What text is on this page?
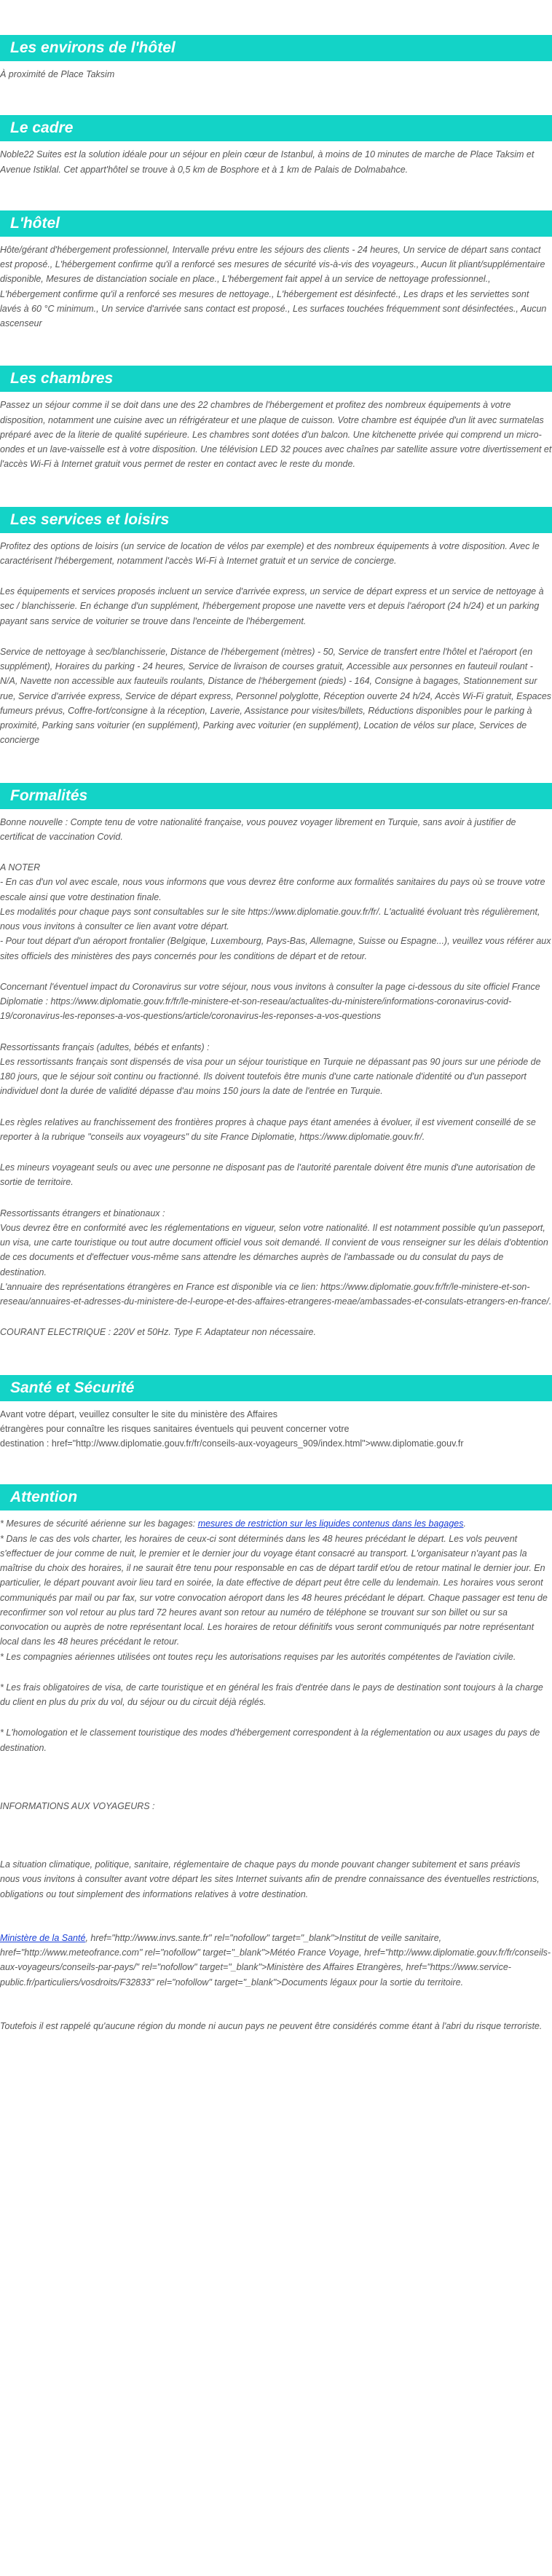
Les environs de l'hôtel

À proximité de Place Taksim

Le cadre

Noble22 Suites est la solution idéale pour un séjour en plein cœur de Istanbul, à moins de 10 minutes de marche de Place Taksim et Avenue Istiklal. Cet appart'hôtel se trouve à 0,5 km de Bosphore et à 1 km de Palais de Dolmabahce.

L'hôtel

Hôte/gérant d'hébergement professionnel, Intervalle prévu entre les séjours des clients - 24 heures, Un service de départ sans contact est proposé., L'hébergement confirme qu'il a renforcé ses mesures de sécurité vis-à-vis des voyageurs., Aucun lit pliant/supplémentaire disponible, Mesures de distanciation sociale en place., L'hébergement fait appel à un service de nettoyage professionnel., L'hébergement confirme qu'il a renforcé ses mesures de nettoyage., L'hébergement est désinfecté., Les draps et les serviettes sont lavés à 60 °C minimum., Un service d'arrivée sans contact est proposé., Les surfaces touchées fréquemment sont désinfectées., Aucun ascenseur

Les chambres

Passez un séjour comme il se doit dans une des 22 chambres de l'hébergement et profitez des nombreux équipements à votre disposition, notamment une cuisine avec un réfrigérateur et une plaque de cuisson. Votre chambre est équipée d'un lit avec surmatelas préparé avec de la literie de qualité supérieure. Les chambres sont dotées d'un balcon. Une kitchenette privée qui comprend un micro-ondes et un lave-vaisselle est à votre disposition. Une télévision LED 32 pouces avec chaînes par satellite assure votre divertissement et l'accès Wi-Fi à Internet gratuit vous permet de rester en contact avec le reste du monde.

Les services et loisirs

Profitez des options de loisirs (un service de location de vélos par exemple) et des nombreux équipements à votre disposition. Avec le caractérisent l'hébergement, notamment l'accès Wi-Fi à Internet gratuit et un service de concierge.

Les équipements et services proposés incluent un service d'arrivée express, un service de départ express et un service de nettoyage à sec / blanchisserie. En échange d'un supplément, l'hébergement propose une navette vers et depuis l'aéroport (24 h/24) et un parking payant sans service de voiturier se trouve dans l'enceinte de l'hébergement.

Service de nettoyage à sec/blanchisserie, Distance de l'hébergement (mètres) - 50, Service de transfert entre l'hôtel et l'aéroport (en supplément), Horaires du parking - 24 heures, Service de livraison de courses gratuit, Accessible aux personnes en fauteuil roulant - N/A, Navette non accessible aux fauteuils roulants, Distance de l'hébergement (pieds) - 164, Consigne à bagages, Stationnement sur rue, Service d'arrivée express, Service de départ express, Personnel polyglotte, Réception ouverte 24 h/24, Accès Wi-Fi gratuit, Espaces fumeurs prévus, Coffre-fort/consigne à la réception, Laverie, Assistance pour visites/billets, Réductions disponibles pour le parking à proximité, Parking sans voiturier (en supplément), Parking avec voiturier (en supplément), Location de vélos sur place, Services de concierge

Formalités

Bonne nouvelle : Compte tenu de votre nationalité française, vous pouvez voyager librement en Turquie, sans avoir à justifier de certificat de vaccination Covid.

A NOTER

- En cas d'un vol avec escale, nous vous informons que vous devrez être conforme aux formalités sanitaires du pays où se trouve votre escale ainsi que votre destination finale.

Les modalités pour chaque pays sont consultables sur le site https://www.diplomatie.gouv.fr/fr/. L'actualité évoluant très régulièrement, nous vous invitons à consulter ce lien avant votre départ.

- Pour tout départ d'un aéroport frontalier (Belgique, Luxembourg, Pays-Bas, Allemagne, Suisse ou Espagne...), veuillez vous référer aux sites officiels des ministères des pays concernés pour les conditions de départ et de retour.

Concernant l'éventuel impact du Coronavirus sur votre séjour, nous vous invitons à consulter la page ci-dessous du site officiel France Diplomatie : https://www.diplomatie.gouv.fr/fr/le-ministere-et-son-reseau/actualites-du-ministere/informations-coronavirus-covid-19/coronavirus-les-reponses-a-vos-questions/article/coronavirus-les-reponses-a-vos-questions

Ressortissants français (adultes, bébés et enfants) :

Les ressortissants français sont dispensés de visa pour un séjour touristique en Turquie ne dépassant pas 90 jours sur une période de 180 jours, que le séjour soit continu ou fractionné. Ils doivent toutefois être munis d'une carte nationale d'identité ou d'un passeport individuel dont la durée de validité dépasse d'au moins 150 jours la date de l'entrée en Turquie.

Les règles relatives au franchissement des frontières propres à chaque pays étant amenées à évoluer, il est vivement conseillé de se reporter à la rubrique "conseils aux voyageurs" du site France Diplomatie, https://www.diplomatie.gouv.fr/.

Les mineurs voyageant seuls ou avec une personne ne disposant pas de l'autorité parentale doivent être munis d'une autorisation de sortie de territoire.

Ressortissants étrangers et binationaux :

Vous devrez être en conformité avec les réglementations en vigueur, selon votre nationalité. Il est notamment possible qu'un passeport, un visa, une carte touristique ou tout autre document officiel vous soit demandé. Il convient de vous renseigner sur les délais d'obtention de ces documents et d'effectuer vous-même sans attendre les démarches auprès de l'ambassade ou du consulat du pays de destination.

L'annuaire des représentations étrangères en France est disponible via ce lien: https://www.diplomatie.gouv.fr/fr/le-ministere-et-son-reseau/annuaires-et-adresses-du-ministere-de-l-europe-et-des-affaires-etrangeres-meae/ambassades-et-consulats-etrangers-en-france/.

COURANT ELECTRIQUE : 220V et 50Hz. Type F. Adaptateur non nécessaire.

Santé et Sécurité

Avant votre départ, veuillez consulter le site du ministère des Affaires

étrangères pour connaître les risques sanitaires éventuels qui peuvent concerner votre

destination : href="http://www.diplomatie.gouv.fr/fr/conseils-aux-voyageurs_909/index.html">www.diplomatie.gouv.fr

Attention

* Mesures de sécurité aérienne sur les bagages: mesures de restriction sur les liquides contenus dans les bagages.

* Dans le cas des vols charter, les horaires de ceux-ci sont déterminés dans les 48 heures précédant le départ. Les vols peuvent s'effectuer de jour comme de nuit, le premier et le dernier jour du voyage étant consacré au transport. L'organisateur n'ayant pas la maîtrise du choix des horaires, il ne saurait être tenu pour responsable en cas de départ tardif et/ou de retour matinal le dernier jour. En particulier, le départ pouvant avoir lieu tard en soirée, la date effective de départ peut être celle du lendemain. Les horaires vous seront communiqués par mail ou par fax, sur votre convocation aéroport dans les 48 heures précédant le départ. Chaque passager est tenu de reconfirmer son vol retour au plus tard 72 heures avant son retour au numéro de téléphone se trouvant sur son billet ou sur sa convocation ou auprès de notre représentant local. Les horaires de retour définitifs vous seront communiqués par notre représentant local dans les 48 heures précédant le retour.

* Les compagnies aériennes utilisées ont toutes reçu les autorisations requises par les autorités compétentes de l'aviation civile.

* Les frais obligatoires de visa, de carte touristique et en général les frais d'entrée dans le pays de destination sont toujours à la charge du client en plus du prix du vol, du séjour ou du circuit déjà réglés.

* L'homologation et le classement touristique des modes d'hébergement correspondent à la réglementation ou aux usages du pays de destination.

INFORMATIONS AUX VOYAGEURS :

La situation climatique, politique, sanitaire, réglementaire de chaque pays du monde pouvant changer subitement et sans préavis

nous vous invitons à consulter avant votre départ les sites Internet suivants afin de prendre connaissance des éventuelles restrictions, obligations ou tout simplement des informations relatives à votre destination.

Ministère de la Santé, href="http://www.invs.sante.fr" rel="nofollow" target="_blank">Institut de veille sanitaire, href="http://www.meteofrance.com" rel="nofollow" target="_blank">Météo France Voyage, href="http://www.diplomatie.gouv.fr/fr/conseils-aux-voyageurs/conseils-par-pays/" rel="nofollow" target="_blank">Ministère des Affaires Etrangères, href="https://www.service-public.fr/particuliers/vosdroits/F32833" rel="nofollow" target="_blank">Documents légaux pour la sortie du territoire.

Toutefois il est rappelé qu'aucune région du monde ni aucun pays ne peuvent être considérés comme étant à l'abri du risque terroriste.
